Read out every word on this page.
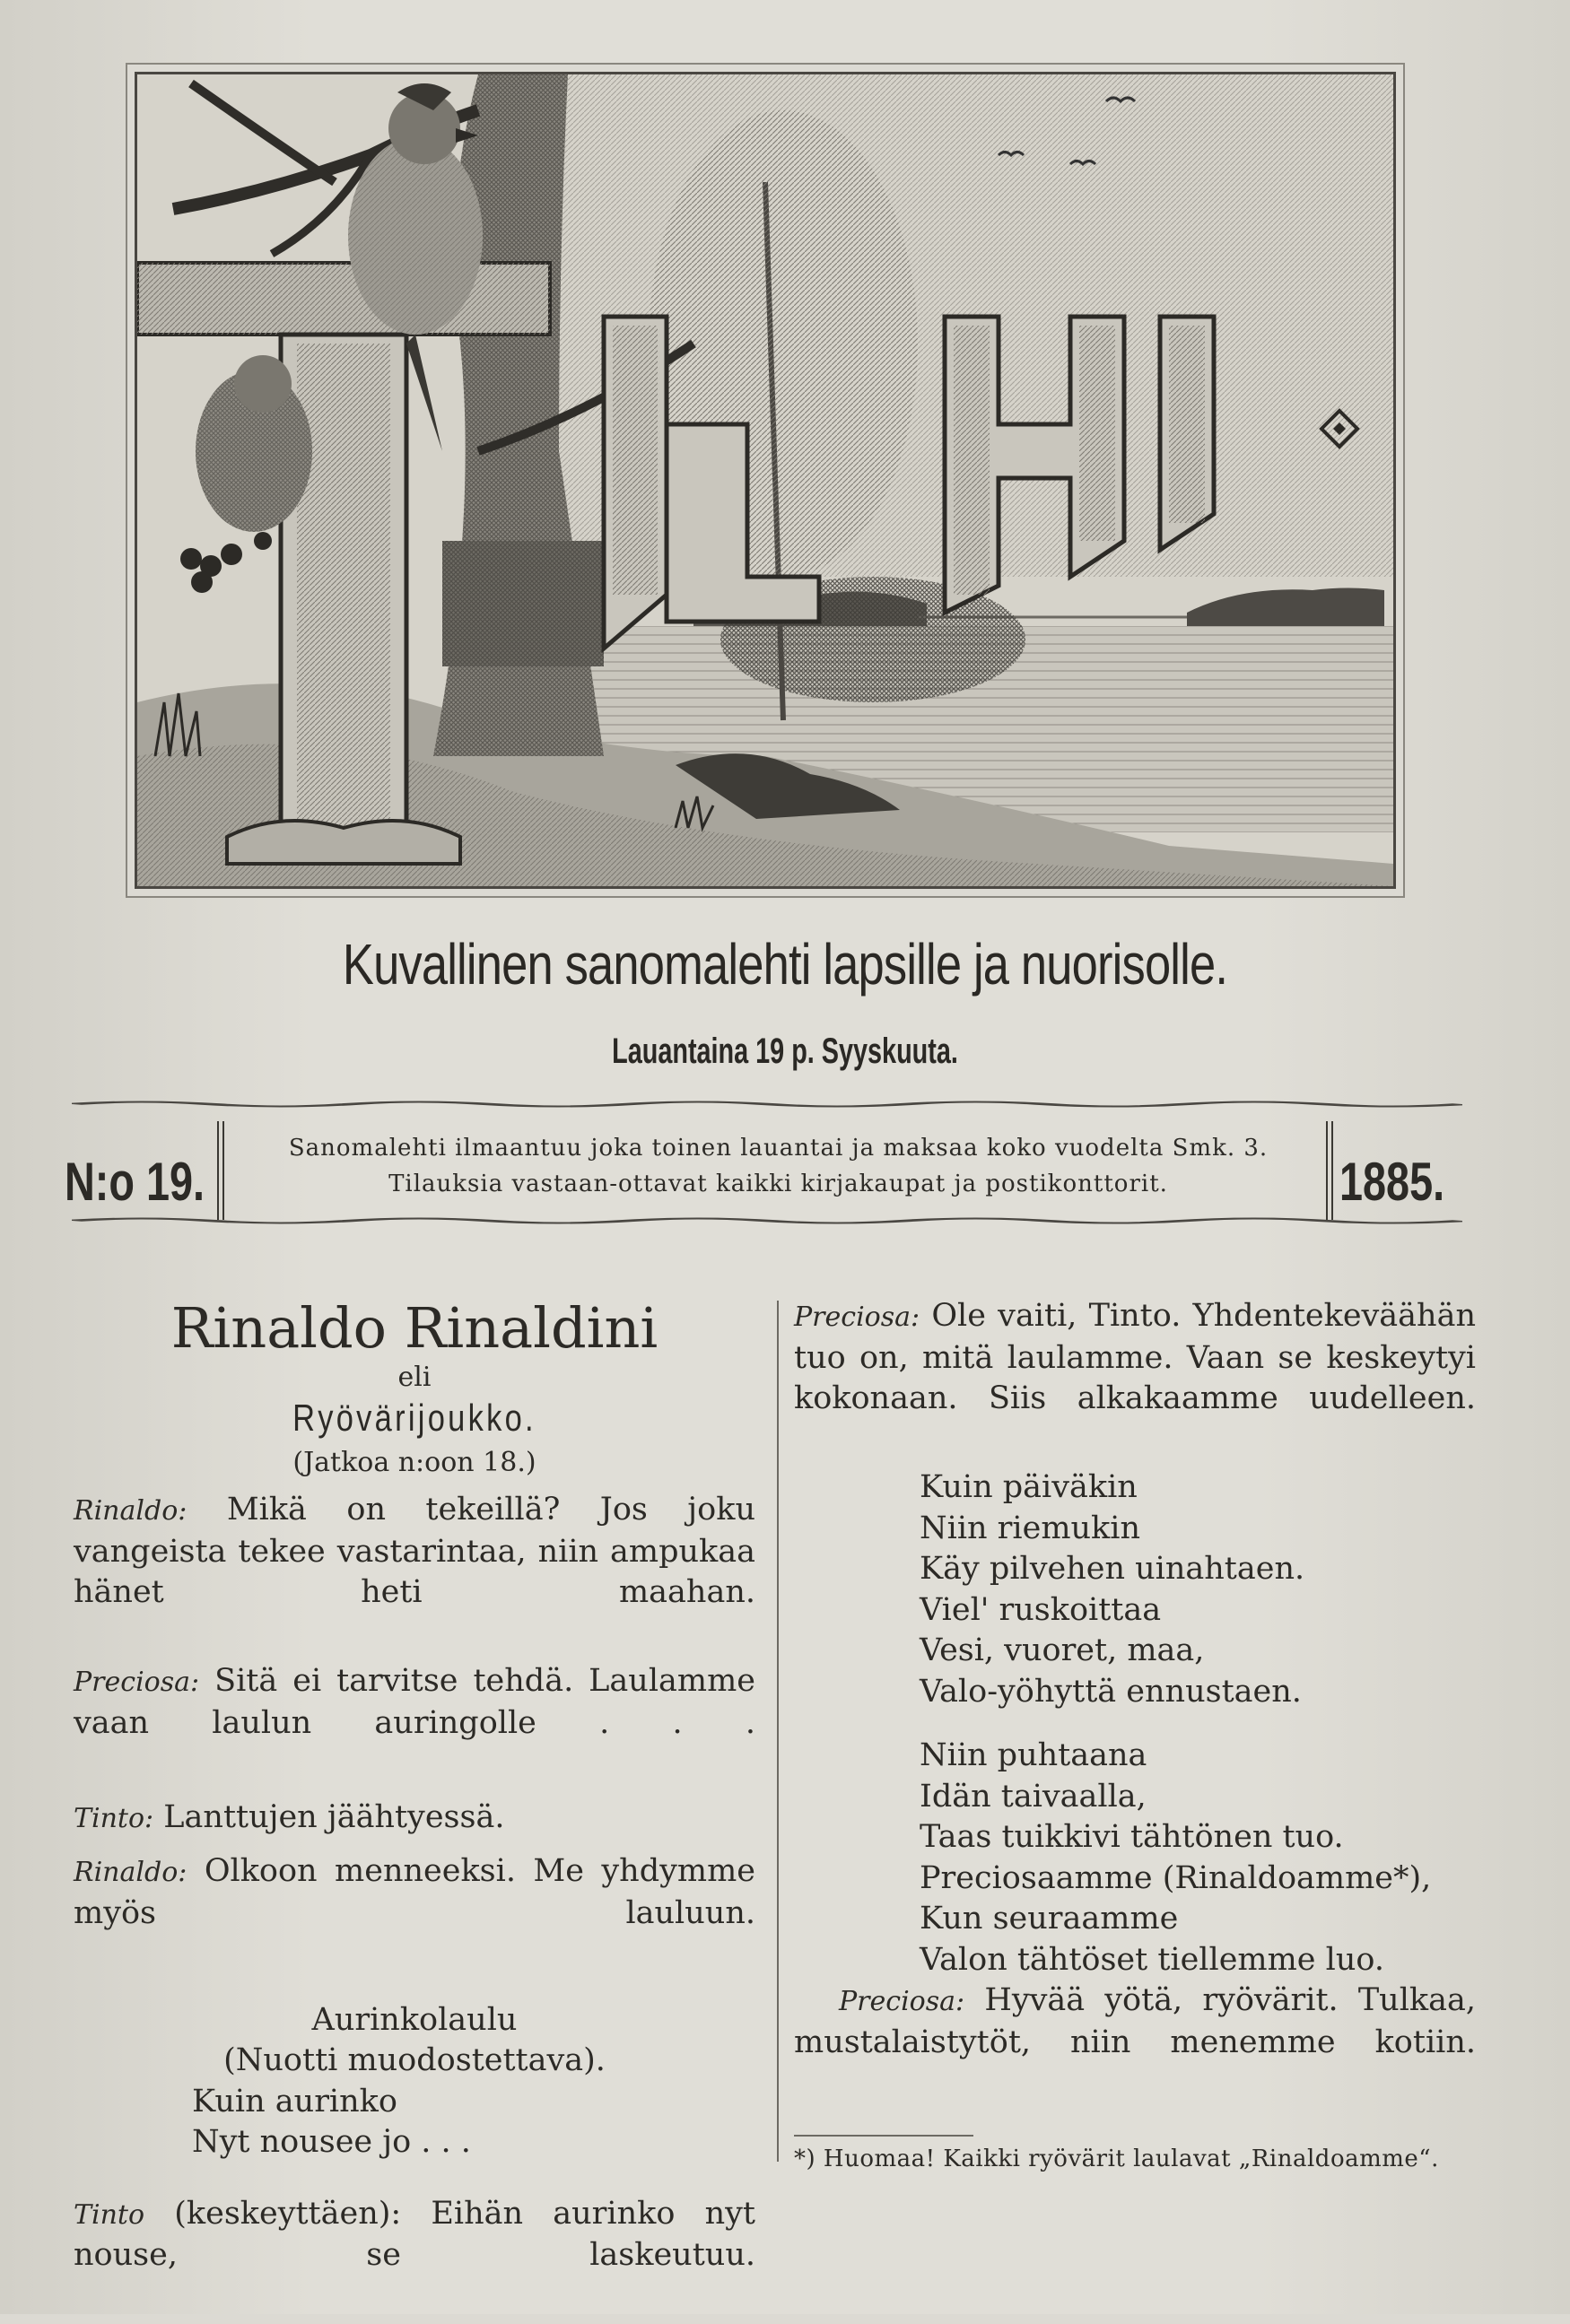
Kuvallinen sanomalehti lapsille ja nuorisolle.
Lauantaina 19 p. Syyskuuta.
N:o 19.
Sanomalehti ilmaantuu joka toinen lauantai ja maksaa koko vuodelta Smk. 3.
Tilauksia vastaan-ottavat kaikki kirjakaupat ja postikonttorit.	1885.
Rinaldo Rinaldini
eli
Ryövärijoukko.
(Jatkoa n:oon 18.)

Rinaldo: Mikä on tekeillä? Jos joku vangeista tekee vastarintaa, niin ampukaa hänet heti maahan.

Preciosa: Sitä ei tarvitse tehdä. Laulamme vaan laulun auringolle . . .

Tinto: Lanttujen jäähtyessä.

Rinaldo: Olkoon menneeksi. Me yhdymme myös lauluun.

Aurinkolaulu
(Nuotti muodostettava).

Kuin aurinko

Nyt nousee jo . . .

Tinto (keskeyttäen): Eihän aurinko nyt nouse, se laskeutuu.

Preciosa: Ole vaiti, Tinto. Yhdentekeväähän tuo on, mitä laulamme. Vaan se keskeytyi kokonaan. Siis alkakaamme uudelleen.

Kuin päiväkin

Niin riemukin

Käy pilvehen uinahtaen.

Viel' ruskoittaa

Vesi, vuoret, maa,

Valo-yöhyttä ennustaen.

Niin puhtaana

Idän taivaalla,

Taas tuikkivi tähtönen tuo.

Preciosaamme (Rinaldoamme*),

Kun seuraamme

Valon tähtöset tiellemme luo.

Preciosa: Hyvää yötä, ryövärit. Tulkaa, mustalaistytöt, niin menemme kotiin.

*) Huomaa! Kaikki ryövärit laulavat „Rinaldoamme“.
